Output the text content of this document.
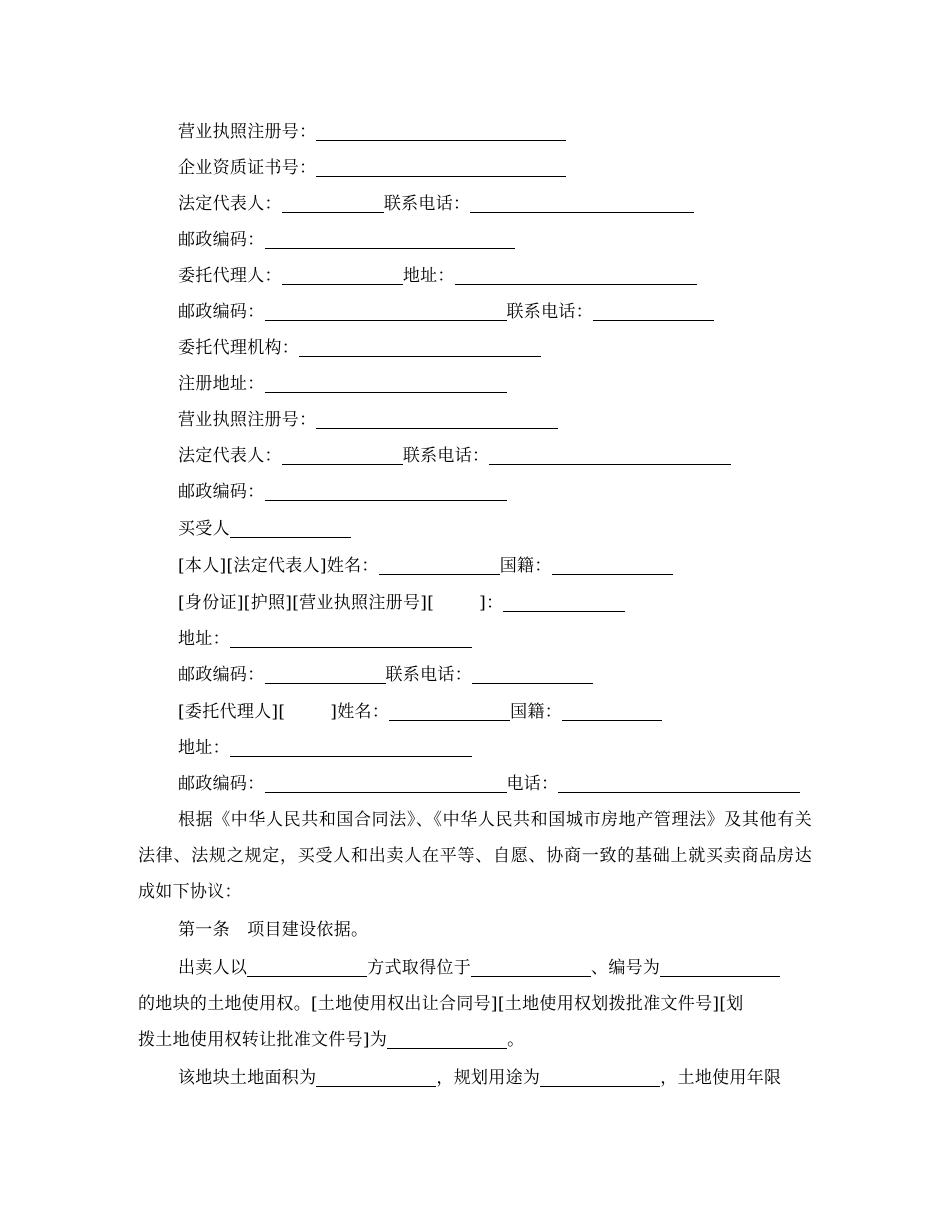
营业执照注册号：
企业资质证书号：
法定代表人：	联系电话：
邮政编码：
委托代理人：	地址：
邮政编码：	联系电话：
委托代理机构：
注册地址：
营业执照注册号：
法定代表人：	联系电话：
邮政编码：
买受人
[本人][法定代表人]姓名：	国籍：
[身份证][护照][营业执照注册号][	]：
地址：
邮政编码：	联系电话：
[委托代理人][	]姓名：	国籍：
地址：
邮政编码：	电话：
根据《中华人民共和国合同法》、《中华人民共和国城市房地产管理法》及其他有关法律、法规之规定，买受人和出卖人在平等、自愿、协商一致的基础上就买卖商品房达成如下协议：
第一条　项目建设依据。
出卖人以	方式取得位于	、编号为
的地块的土地使用权。[土地使用权出让合同号][土地使用权划拨批准文件号][划
拨土地使用权转让批准文件号]为	。
该地块土地面积为	，规划用途为	，土地使用年限
